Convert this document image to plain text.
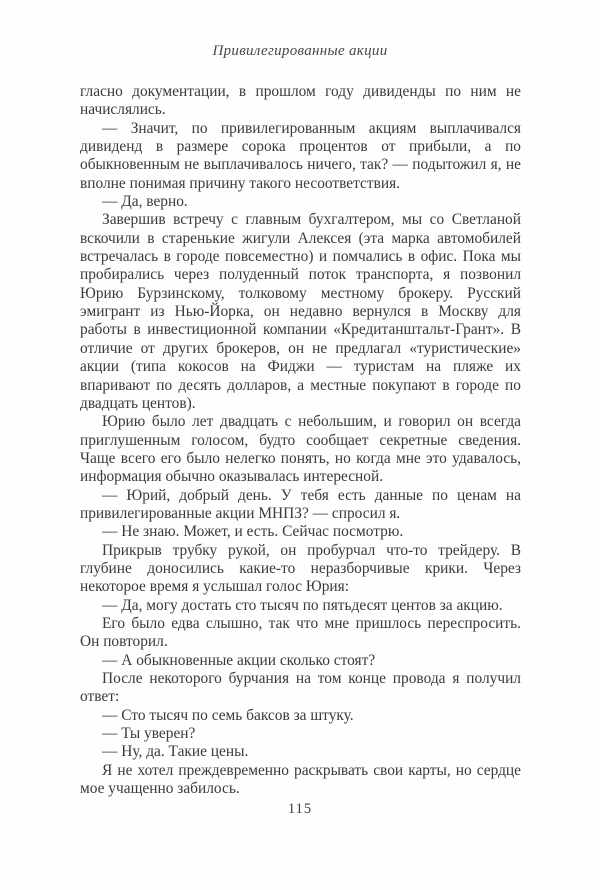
Привилегированные акции

гласно документации, в прошлом году дивиденды по ним не начислялись.

— Значит, по привилегированным акциям выплачивался дивиденд в размере сорока процентов от прибыли, а по обыкновенным не выплачивалось ничего, так? — подытожил я, не вполне понимая причину такого несоответствия.

— Да, верно.

Завершив встречу с главным бухгалтером, мы со Светланой вскочили в старенькие жигули Алексея (эта марка автомобилей встречалась в городе повсеместно) и помчались в офис. Пока мы пробирались через полуденный поток транспорта, я позвонил Юрию Бурзинскому, толковому местному брокеру. Русский эмигрант из Нью-Йорка, он недавно вернулся в Москву для работы в инвестиционной компании «Кредитанштальт-Грант». В отличие от других брокеров, он не предлагал «туристические» акции (типа кокосов на Фиджи — туристам на пляже их впаривают по десять долларов, а местные покупают в городе по двадцать центов).

Юрию было лет двадцать с небольшим, и говорил он всегда приглушенным голосом, будто сообщает секретные сведения. Чаще всего его было нелегко понять, но когда мне это удавалось, информация обычно оказывалась интересной.

— Юрий, добрый день. У тебя есть данные по ценам на привилегированные акции МНПЗ? — спросил я.

— Не знаю. Может, и есть. Сейчас посмотрю.

Прикрыв трубку рукой, он пробурчал что-то трейдеру. В глубине доносились какие-то неразборчивые крики. Через некоторое время я услышал голос Юрия:

— Да, могу достать сто тысяч по пятьдесят центов за акцию.

Его было едва слышно, так что мне пришлось переспросить. Он повторил.

— А обыкновенные акции сколько стоят?

После некоторого бурчания на том конце провода я получил ответ:

— Сто тысяч по семь баксов за штуку.

— Ты уверен?

— Ну, да. Такие цены.

Я не хотел преждевременно раскрывать свои карты, но сердце мое учащенно забилось.

115
